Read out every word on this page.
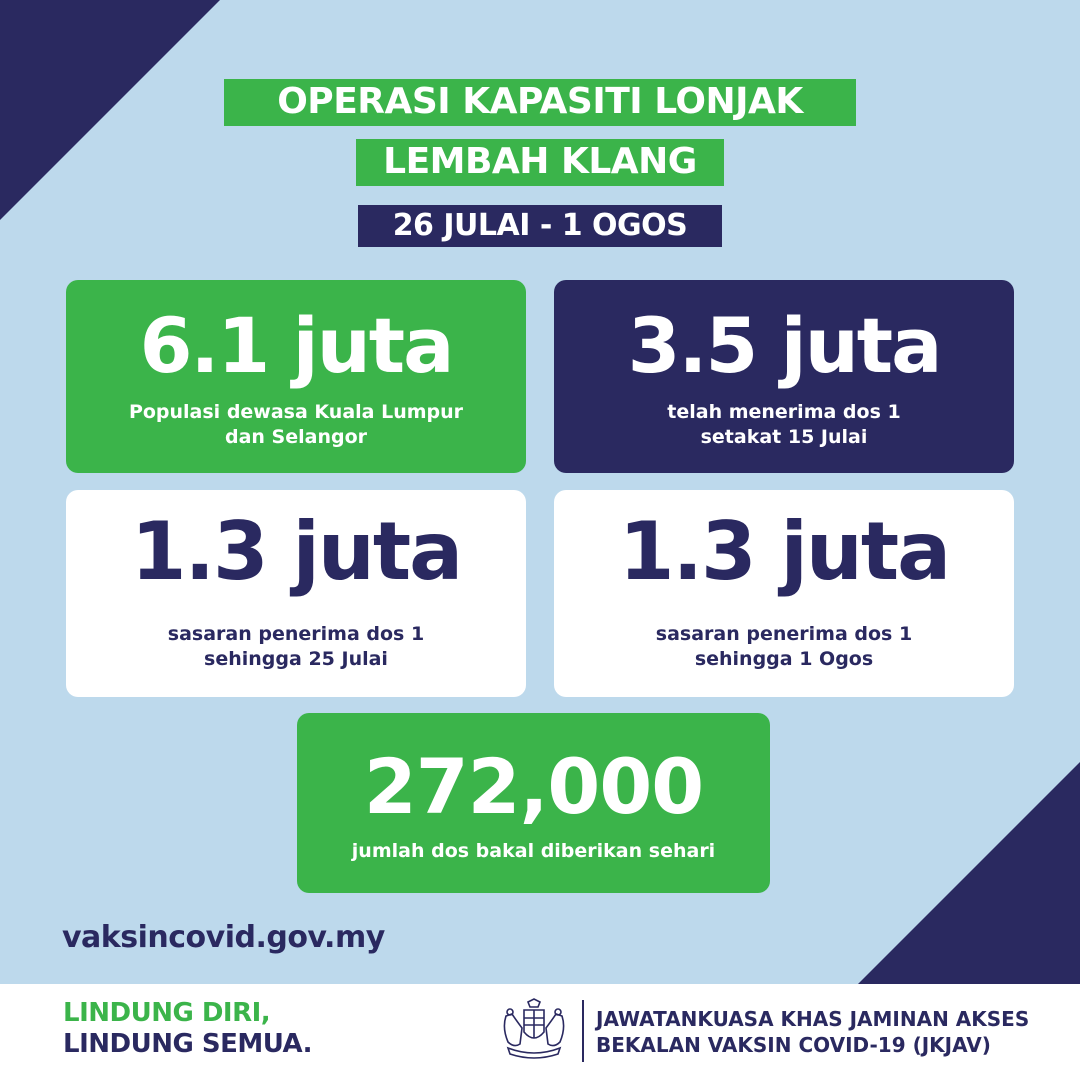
OPERASI KAPASITI LONJAK
LEMBAH KLANG
26 JULAI - 1 OGOS
6.1 juta
Populasi dewasa Kuala Lumpur
dan Selangor
3.5 juta
telah menerima dos 1
setakat 15 Julai
1.3 juta
sasaran penerima dos 1
sehingga 25 Julai
1.3 juta
sasaran penerima dos 1
sehingga 1 Ogos
272,000
jumlah dos bakal diberikan sehari
vaksincovid.gov.my
LINDUNG DIRI,
LINDUNG SEMUA.
JAWATANKUASA KHAS JAMINAN AKSES
BEKALAN VAKSIN COVID-19 (JKJAV)
